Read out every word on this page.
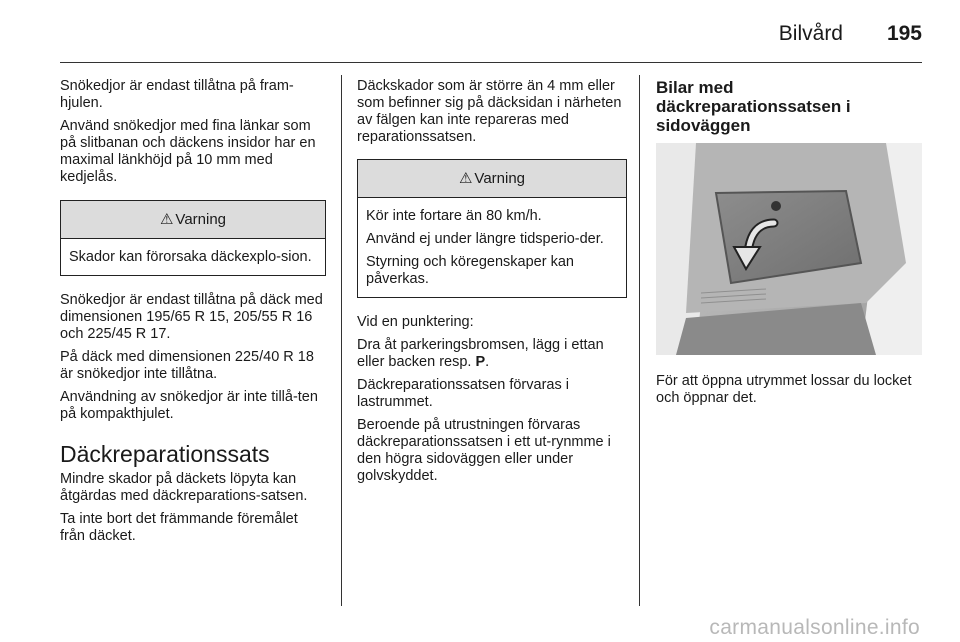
Bilvård 195

Snökedjor är endast tillåtna på fram-hjulen.

Använd snökedjor med fina länkar som på slitbanan och däckens insidor har en maximal länkhöjd på 10 mm med kedjelås.

⚠ Varning

Skador kan förorsaka däckexplo-sion.

Snökedjor är endast tillåtna på däck med dimensionen 195/65 R 15, 205/55 R 16 och 225/45 R 17.

På däck med dimensionen 225/40 R 18 är snökedjor inte tillåtna.

Användning av snökedjor är inte tillå-ten på kompakthjulet.

Däckreparationssats

Mindre skador på däckets löpyta kan åtgärdas med däckreparations-satsen.

Ta inte bort det främmande föremålet från däcket.

Däckskador som är större än 4 mm eller som befinner sig på däcksidan i närheten av fälgen kan inte repareras med reparationssatsen.

⚠ Varning

Kör inte fortare än 80 km/h.

Använd ej under längre tidsperio-der.

Styrning och köregenskaper kan påverkas.

Vid en punktering:

Dra åt parkeringsbromsen, lägg i ettan eller backen resp. P.

Däckreparationssatsen förvaras i lastrummet.

Beroende på utrustningen förvaras däckreparationssatsen i ett ut-rynmme i den högra sidoväggen eller under golvskyddet.

Bilar med däckreparationssatsen i sidoväggen

För att öppna utrymmet lossar du locket och öppnar det.

carmanualsonline.info
